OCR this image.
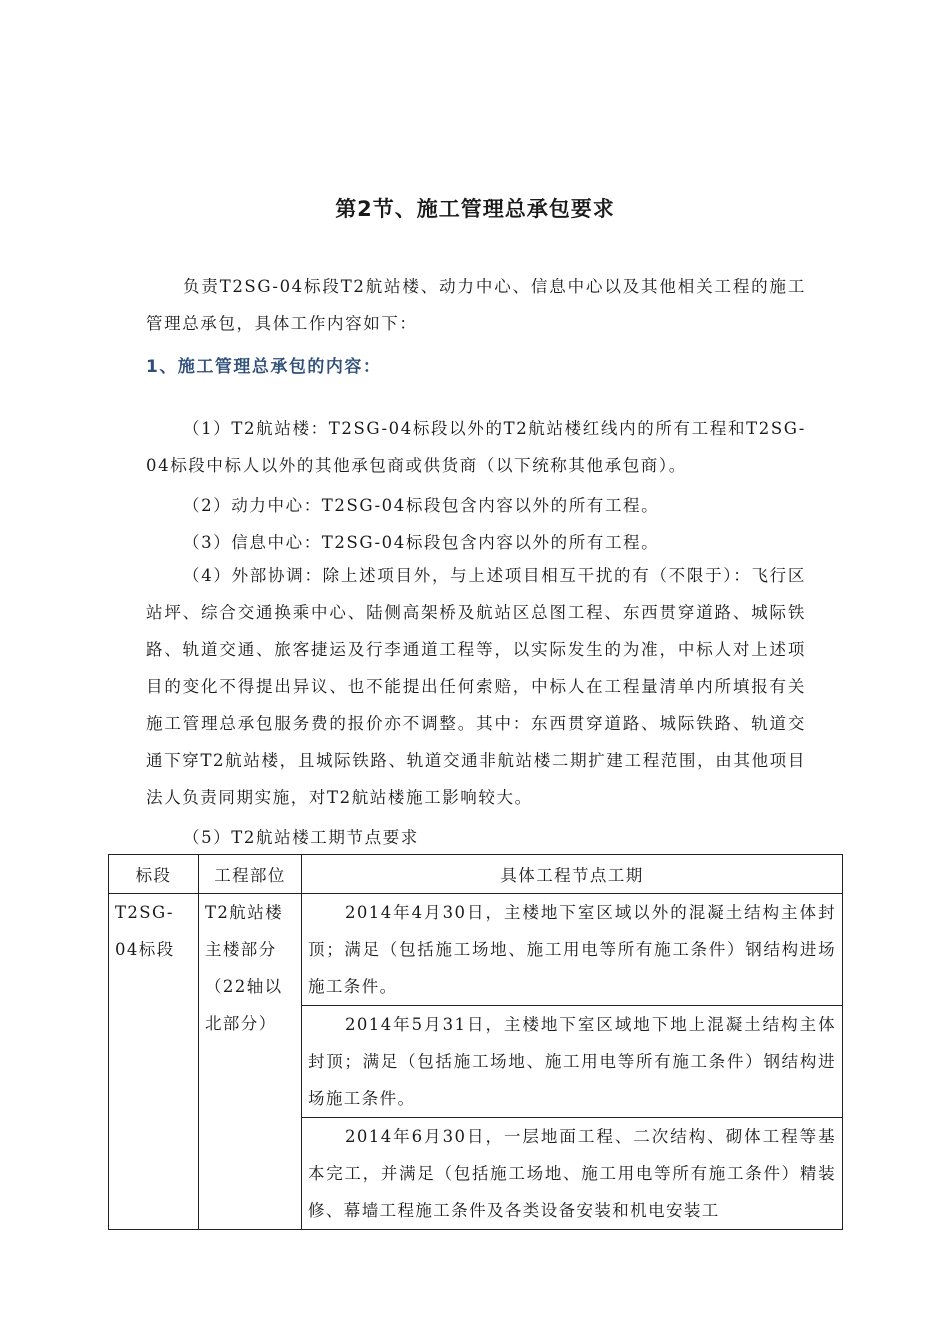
第2节、施工管理总承包要求

负责T2SG-04标段T2航站楼、动力中心、信息中心以及其他相关工程的施工管理总承包，具体工作内容如下：

1、施工管理总承包的内容：

（1）T2航站楼：T2SG-04标段以外的T2航站楼红线内的所有工程和T2SG-04标段中标人以外的其他承包商或供货商（以下统称其他承包商）。

（2）动力中心：T2SG-04标段包含内容以外的所有工程。
（3）信息中心：T2SG-04标段包含内容以外的所有工程。

（4）外部协调：除上述项目外，与上述项目相互干扰的有（不限于）：飞行区站坪、综合交通换乘中心、陆侧高架桥及航站区总图工程、东西贯穿道路、城际铁路、轨道交通、旅客捷运及行李通道工程等，以实际发生的为准，中标人对上述项目的变化不得提出异议、也不能提出任何索赔，中标人在工程量清单内所填报有关施工管理总承包服务费的报价亦不调整。其中：东西贯穿道路、城际铁路、轨道交通下穿T2航站楼，且城际铁路、轨道交通非航站楼二期扩建工程范围，由其他项目法人负责同期实施，对T2航站楼施工影响较大。

（5）T2航站楼工期节点要求
标段	工程部位	具体工程节点工期
T2SG-04标段	T2航站楼主楼部分（22轴以北部分）	2014年4月30日，主楼地下室区域以外的混凝土结构主体封顶；满足（包括施工场地、施工用电等所有施工条件）钢结构进场施工条件。

		2014年5月31日，主楼地下室区域地下地上混凝土结构主体封顶；满足（包括施工场地、施工用电等所有施工条件）钢结构进场施工条件。

		2014年6月30日，一层地面工程、二次结构、砌体工程等基本完工，并满足（包括施工场地、施工用电等所有施工条件）精装修、幕墙工程施工条件及各类设备安装和机电安装工
